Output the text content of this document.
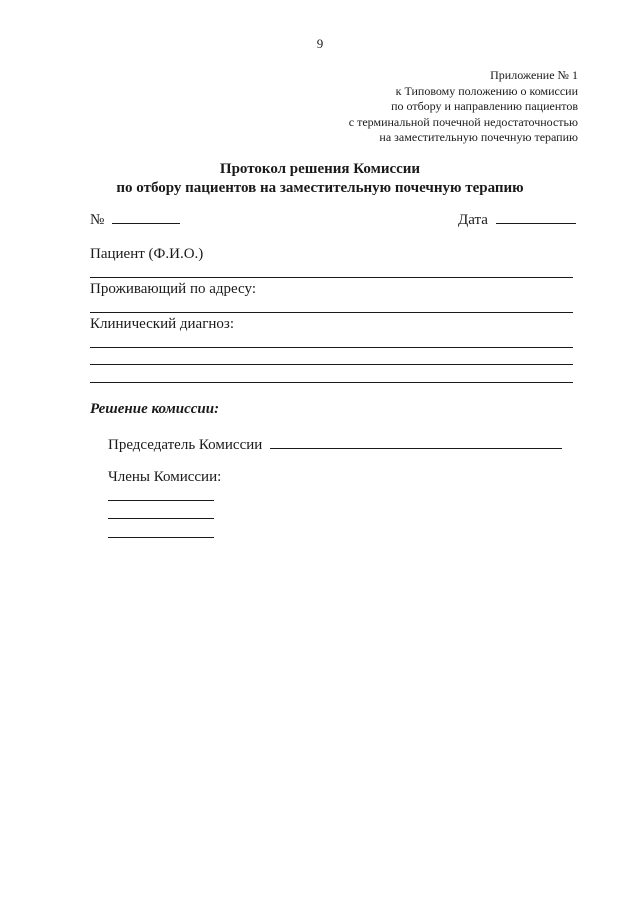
9
Приложение № 1
к Типовому положению о комиссии
по отбору и направлению пациентов
с терминальной почечной недостаточностью
на заместительную почечную терапию
Протокол решения Комиссии
по отбору пациентов на заместительную почечную терапию
№	Дата
Пациент (Ф.И.О.)
Проживающий по адресу:
Клинический диагноз:
Решение комиссии:
Председатель Комиссии
Члены Комиссии:
